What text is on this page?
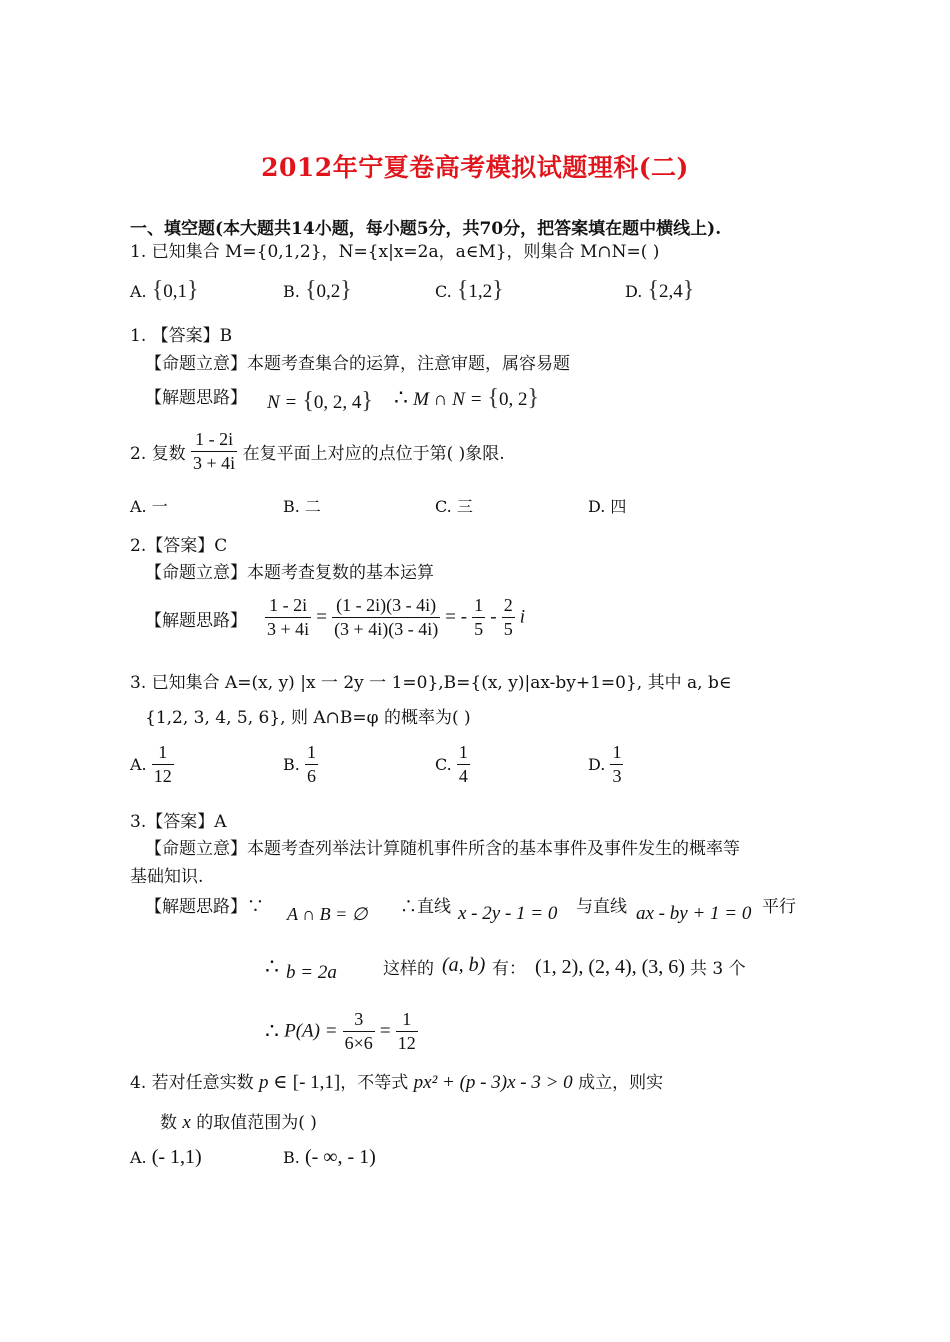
2012年宁夏卷高考模拟试题理科(二)
一、填空题(本大题共14小题，每小题5分，共70分，把答案填在题中横线上).
1. 已知集合 M={0,1,2}，N={x|x=2a，a∈M}，则集合 M∩N=( )
A. {0,1}	B. {0,2}	C. {1,2}	D. {2,4}
1. 【答案】B
【命题立意】本题考查集合的运算，注意审题，属容易题
【解题思路】 N = {0, 2, 4} ∴ M ∩ N = {0, 2}
2. 复数 $\frac{1 - 2i}{3 + 4i}$ 在复平面上对应的点位于第( )象限.
A. 一	B. 二	C. 三	D. 四
2.【答案】C
【命题立意】本题考查复数的基本运算
【解题思路】 $\frac{1 - 2i}{3 + 4i} = \frac{(1 - 2i)(3 - 4i)}{(3 + 4i)(3 - 4i)}$ = - $\frac{1}{5} - \frac{2}{5}$ i
3. 已知集合 A=(x, y) |x 一 2y 一 1=0},B={(x, y)|ax-by+1=0}, 其中 a, b∈
{1,2, 3, 4, 5, 6}, 则 A∩B=φ 的概率为( )
A. $\frac{1}{12}$	B. $\frac{1}{6}$	C. $\frac{1}{4}$	D. $\frac{1}{3}$
3.【答案】A
【命题立意】本题考查列举法计算随机事件所含的基本事件及事件发生的概率等
基础知识.
【解题思路】∵ A ∩ B = ∅ ∴直线 x - 2y - 1 = 0 与直线 ax - by + 1 = 0 平行
∴ b = 2a	这样的 (a, b) 有： (1, 2), (2, 4), (3, 6) 共 3 个
∴ $P(A) = \frac{3}{6\times 6} = \frac{1}{12}$
4. 若对任意实数 p ∈ [- 1,1]，不等式 px² + (p - 3)x - 3 > 0 成立，则实
数 x 的取值范围为( )
A. (- 1,1)	B. (- ∞, - 1)
